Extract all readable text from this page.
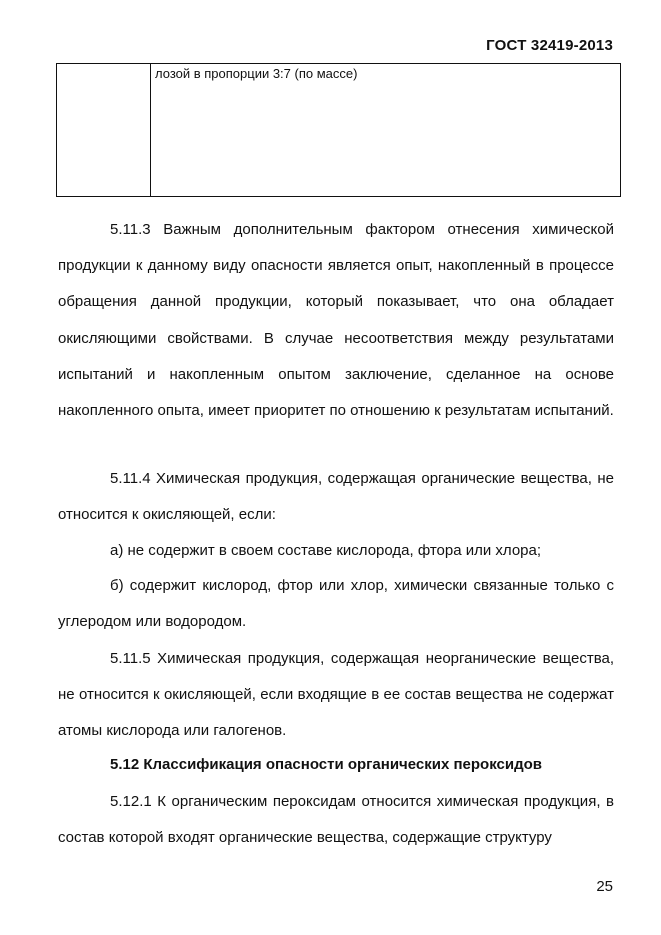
ГОСТ 32419-2013
лозой в пропорции 3:7 (по массе)

5.11.3 Важным дополнительным фактором отнесения химической продукции к данному виду опасности является опыт, накопленный в процессе обращения данной продукции, который показывает, что она обладает окисляющими свойствами. В случае несоответствия между результатами испытаний и накопленным опытом заключение, сделанное на основе накопленного опыта, имеет приоритет по отношению к результатам испытаний.

5.11.4 Химическая продукция, содержащая органические вещества, не относится к окисляющей, если:

а) не содержит в своем составе кислорода, фтора или хлора;

б) содержит кислород, фтор или хлор, химически связанные только с углеродом или водородом.

5.11.5 Химическая продукция, содержащая неорганические вещества, не относится к окисляющей, если входящие в ее состав вещества не содержат атомы кислорода или галогенов.

5.12 Классификация опасности органических пероксидов

5.12.1 К органическим пероксидам относится химическая продукция, в состав которой входят органические вещества, содержащие структуру

25
